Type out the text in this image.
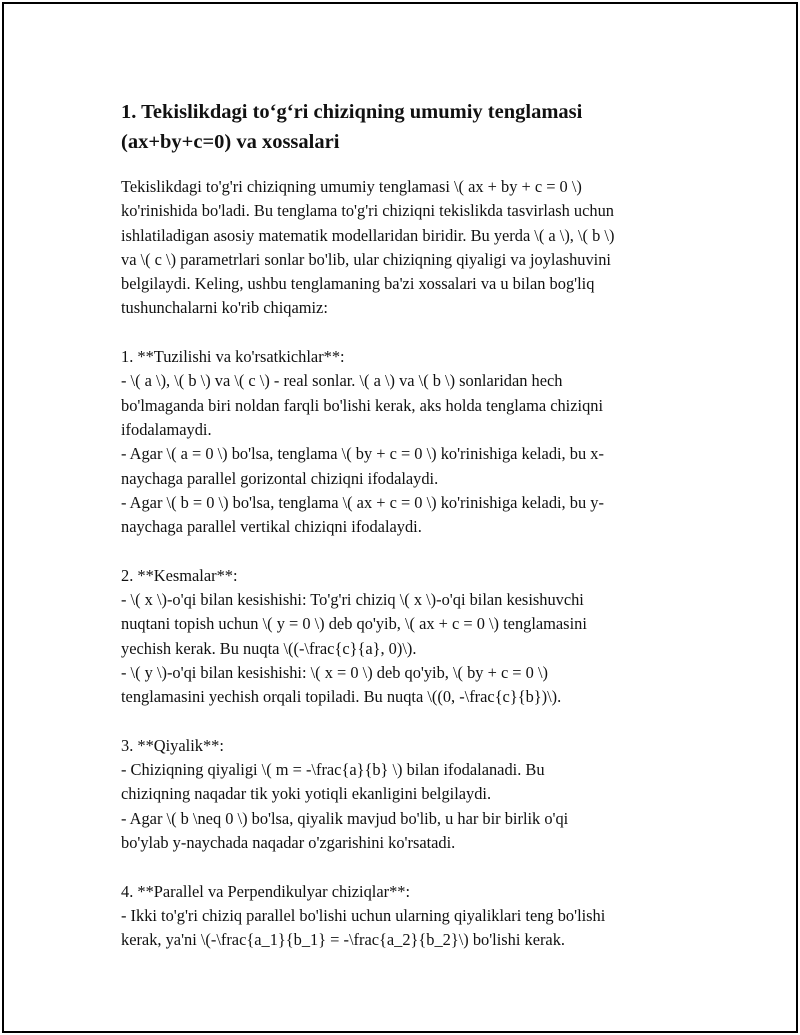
1. Tekislikdagi to‘g‘ri chiziqning umumiy tenglamasi
(ax+by+c=0) va xossalari

Tekislikdagi to'g'ri chiziqning umumiy tenglamasi \( ax + by + c = 0 \)
ko'rinishida bo'ladi. Bu tenglama to'g'ri chiziqni tekislikda tasvirlash uchun
ishlatiladigan asosiy matematik modellaridan biridir. Bu yerda \( a \), \( b \)
va \( c \) parametrlari sonlar bo'lib, ular chiziqning qiyaligi va joylashuvini
belgilaydi. Keling, ushbu tenglamaning ba'zi xossalari va u bilan bog'liq
tushunchalarni ko'rib chiqamiz:

1. **Tuzilishi va ko'rsatkichlar**:
- \( a \), \( b \) va \( c \) - real sonlar. \( a \) va \( b \) sonlaridan hech
bo'lmaganda biri noldan farqli bo'lishi kerak, aks holda tenglama chiziqni
ifodalamaydi.
- Agar \( a = 0 \) bo'lsa, tenglama \( by + c = 0 \) ko'rinishiga keladi, bu x-
naychaga parallel gorizontal chiziqni ifodalaydi.
- Agar \( b = 0 \) bo'lsa, tenglama \( ax + c = 0 \) ko'rinishiga keladi, bu y-
naychaga parallel vertikal chiziqni ifodalaydi.
2. **Kesmalar**:
- \( x \)-o'qi bilan kesishishi: To'g'ri chiziq \( x \)-o'qi bilan kesishuvchi
nuqtani topish uchun \( y = 0 \) deb qo'yib, \( ax + c = 0 \) tenglamasini
yechish kerak. Bu nuqta \((-\frac{c}{a}, 0)\).
- \( y \)-o'qi bilan kesishishi: \( x = 0 \) deb qo'yib, \( by + c = 0 \)
tenglamasini yechish orqali topiladi. Bu nuqta \((0, -\frac{c}{b})\).
3. **Qiyalik**:
- Chiziqning qiyaligi \( m = -\frac{a}{b} \) bilan ifodalanadi. Bu
chiziqning naqadar tik yoki yotiqli ekanligini belgilaydi.
- Agar \( b \neq 0 \) bo'lsa, qiyalik mavjud bo'lib, u har bir birlik o'qi
bo'ylab y-naychada naqadar o'zgarishini ko'rsatadi.
4. **Parallel va Perpendikulyar chiziqlar**:
- Ikki to'g'ri chiziq parallel bo'lishi uchun ularning qiyaliklari teng bo'lishi
kerak, ya'ni \(-\frac{a_1}{b_1} = -\frac{a_2}{b_2}\) bo'lishi kerak.
